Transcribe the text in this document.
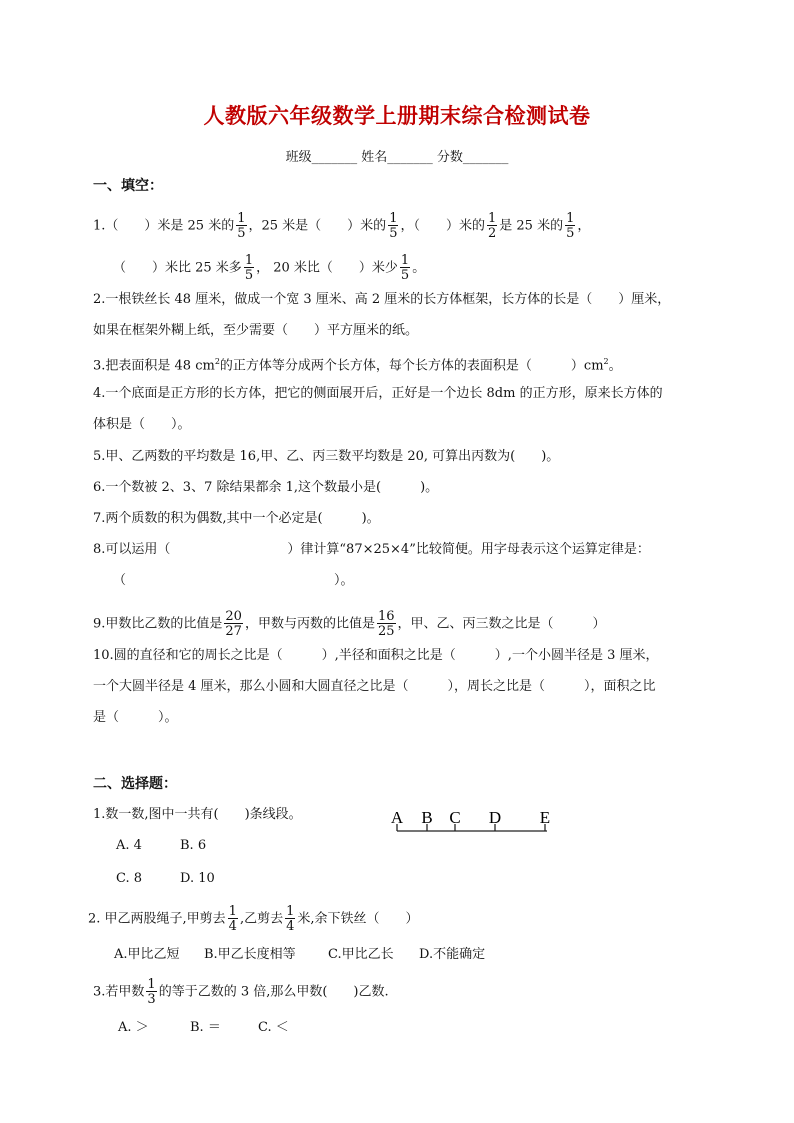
人教版六年级数学上册期末综合检测试卷
班级_______ 姓名_______ 分数_______
一、填空：
1.（　　）米是 25 米的 $\frac{1}{5}$ ，25 米是（　　）米的 $\frac{1}{5}$ ，（　　）米的 $\frac{1}{2}$ 是 25 米的 $\frac{1}{5}$ ，
（　　）米比 25 米多 $\frac{1}{5}$ ， 20 米比（　　）米少 $\frac{1}{5}$ 。
2.一根铁丝长 48 厘米，做成一个宽 3 厘米、高 2 厘米的长方体框架，长方体的长是（　　）厘米，
如果在框架外糊上纸，至少需要（　　）平方厘米的纸。
3.把表面积是 48 $cm^2$的正方体等分成两个长方体，每个长方体的表面积是（　　　）$cm^2$。
4.一个底面是正方形的长方体，把它的侧面展开后，正好是一个边长 8dm 的正方形，原来长方体的
体积是（　　）。
5.甲、乙两数的平均数是 16,甲、乙、丙三数平均数是 20, 可算出丙数为(　　)。
6.一个数被 2、3、7 除结果都余 1,这个数最小是(　　　)。
7.两个质数的积为偶数,其中一个必定是(　　　)。
8.可以运用（　　　　　　　　　）律计算“87×25×4”比较简便。用字母表示这个运算定律是：
（　　　　　　　　　　　　　　　　）。
9.甲数比乙数的比值是 $\frac{20}{27}$ ，甲数与丙数的比值是 $\frac{16}{25}$ ，甲、乙、丙三数之比是（　　　）
10.圆的直径和它的周长之比是（　　　）,半径和面积之比是（　　　）,一个小圆半径是 3 厘米，
一个大圆半径是 4 厘米，那么小圆和大圆直径之比是（　　　），周长之比是（　　　），面积之比
是（　　　）。
二、选择题：
1.数一数,图中一共有(　　)条线段。	A B C D E
A. 4	B. 6
C. 8	D. 10
2. 甲乙两股绳子,甲剪去 $\frac{1}{4}$ ,乙剪去 $\frac{1}{4}$ 米,余下铁丝（　　）
A.甲比乙短 B.甲乙长度相等 C.甲比乙长 D.不能确定
3.若甲数 $\frac{1}{3}$ 的等于乙数的 3 倍,那么甲数(　　)乙数.
A. ＞	B. ＝	C. ＜
